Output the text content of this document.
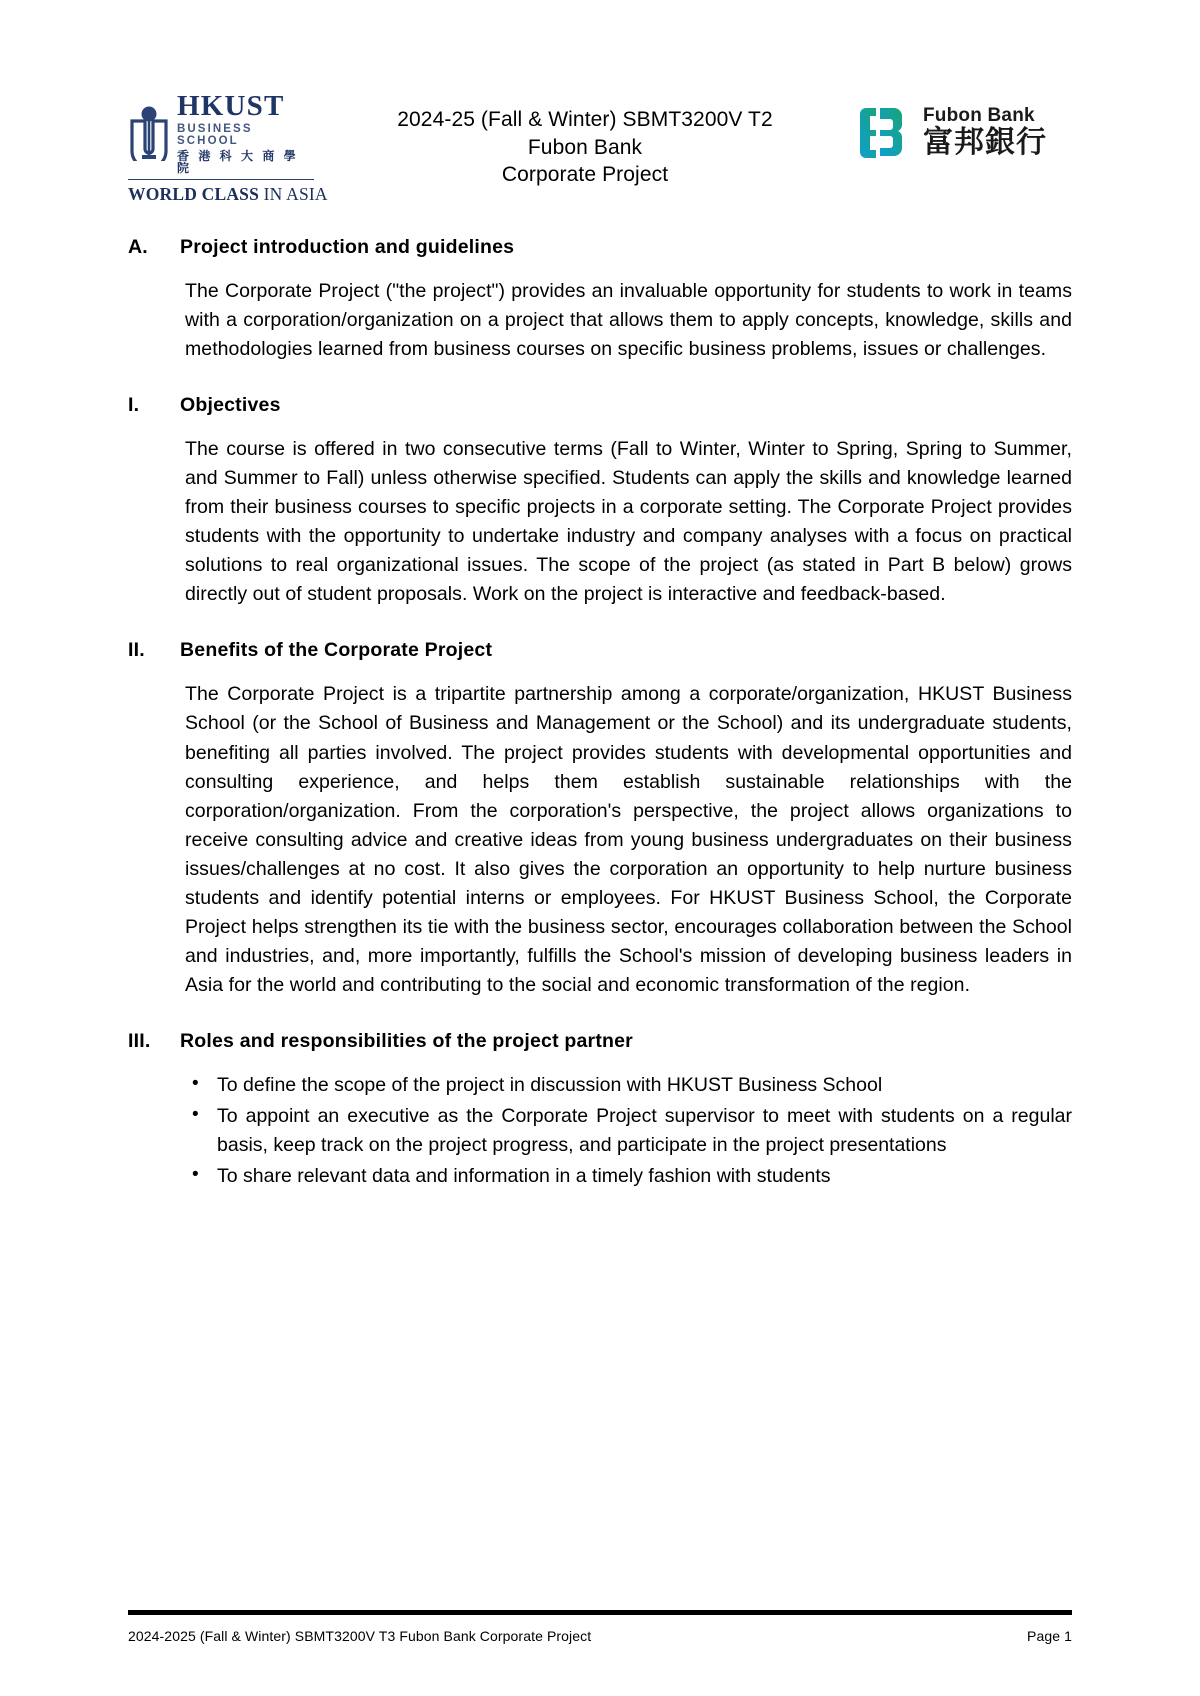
HKUST
BUSINESS SCHOOL
香 港 科 大 商 學 院
WORLD CLASS IN ASIA
2024-25 (Fall & Winter) SBMT3200V T2
Fubon Bank
Corporate Project
Fubon Bank
富邦銀行
A.	Project introduction and guidelines

The Corporate Project ("the project") provides an invaluable opportunity for students to work in teams with a corporation/organization on a project that allows them to apply concepts, knowledge, skills and methodologies learned from business courses on specific business problems, issues or challenges.

I.	Objectives

The course is offered in two consecutive terms (Fall to Winter, Winter to Spring, Spring to Summer, and Summer to Fall) unless otherwise specified. Students can apply the skills and knowledge learned from their business courses to specific projects in a corporate setting. The Corporate Project provides students with the opportunity to undertake industry and company analyses with a focus on practical solutions to real organizational issues. The scope of the project (as stated in Part B below) grows directly out of student proposals. Work on the project is interactive and feedback-based.

II.	Benefits of the Corporate Project

The Corporate Project is a tripartite partnership among a corporate/organization, HKUST Business School (or the School of Business and Management or the School) and its undergraduate students, benefiting all parties involved. The project provides students with developmental opportunities and consulting experience, and helps them establish sustainable relationships with the corporation/organization. From the corporation's perspective, the project allows organizations to receive consulting advice and creative ideas from young business undergraduates on their business issues/challenges at no cost. It also gives the corporation an opportunity to help nurture business students and identify potential interns or employees. For HKUST Business School, the Corporate Project helps strengthen its tie with the business sector, encourages collaboration between the School and industries, and, more importantly, fulfills the School's mission of developing business leaders in Asia for the world and contributing to the social and economic transformation of the region.

III.	Roles and responsibilities of the project partner
• To define the scope of the project in discussion with HKUST Business School
• To appoint an executive as the Corporate Project supervisor to meet with students on a regular basis, keep track on the project progress, and participate in the project presentations
• To share relevant data and information in a timely fashion with students
2024-2025 (Fall & Winter) SBMT3200V T3 Fubon Bank Corporate Project	Page 1
